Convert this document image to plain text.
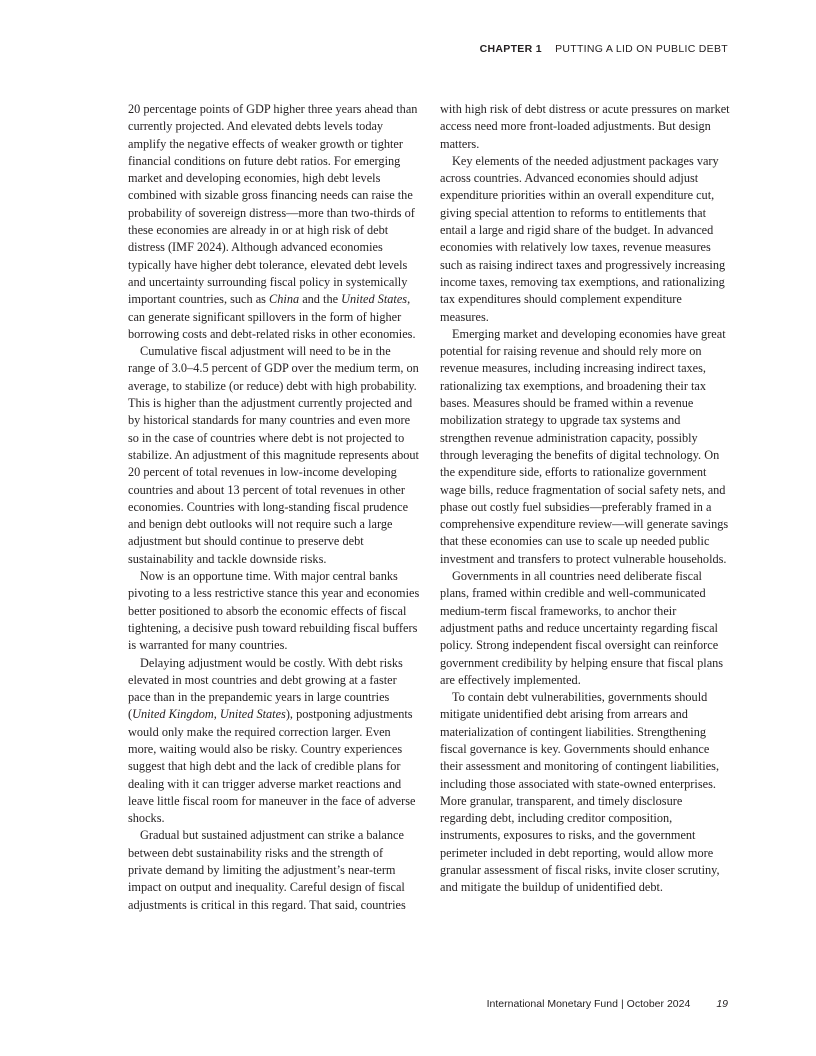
CHAPTER 1 PUTTING A LID ON PUBLIC DEBT

20 percentage points of GDP higher three years ahead than currently projected. And elevated debts levels today amplify the negative effects of weaker growth or tighter financial conditions on future debt ratios. For emerging market and developing economies, high debt levels combined with sizable gross financing needs can raise the probability of sovereign distress—more than two-thirds of these economies are already in or at high risk of debt distress (IMF 2024). Although advanced economies typically have higher debt tolerance, elevated debt levels and uncertainty surrounding fiscal policy in systemically important countries, such as China and the United States, can generate significant spillovers in the form of higher borrowing costs and debt-related risks in other economies.

Cumulative fiscal adjustment will need to be in the range of 3.0–4.5 percent of GDP over the medium term, on average, to stabilize (or reduce) debt with high probability. This is higher than the adjustment currently projected and by historical standards for many countries and even more so in the case of countries where debt is not projected to stabilize. An adjustment of this magnitude represents about 20 percent of total revenues in low-income developing countries and about 13 percent of total revenues in other economies. Countries with long-standing fiscal prudence and benign debt outlooks will not require such a large adjustment but should continue to preserve debt sustainability and tackle downside risks.

Now is an opportune time. With major central banks pivoting to a less restrictive stance this year and economies better positioned to absorb the economic effects of fiscal tightening, a decisive push toward rebuilding fiscal buffers is warranted for many countries.

Delaying adjustment would be costly. With debt risks elevated in most countries and debt growing at a faster pace than in the prepandemic years in large countries (United Kingdom, United States), postponing adjustments would only make the required correction larger. Even more, waiting would also be risky. Country experiences suggest that high debt and the lack of credible plans for dealing with it can trigger adverse market reactions and leave little fiscal room for maneuver in the face of adverse shocks.

Gradual but sustained adjustment can strike a balance between debt sustainability risks and the strength of private demand by limiting the adjustment’s near-term impact on output and inequality. Careful design of fiscal adjustments is critical in this regard. That said, countries

with high risk of debt distress or acute pressures on market access need more front-loaded adjustments. But design matters.

Key elements of the needed adjustment packages vary across countries. Advanced economies should adjust expenditure priorities within an overall expenditure cut, giving special attention to reforms to entitlements that entail a large and rigid share of the budget. In advanced economies with relatively low taxes, revenue measures such as raising indirect taxes and progressively increasing income taxes, removing tax exemptions, and rationalizing tax expenditures should complement expenditure measures.

Emerging market and developing economies have great potential for raising revenue and should rely more on revenue measures, including increasing indirect taxes, rationalizing tax exemptions, and broadening their tax bases. Measures should be framed within a revenue mobilization strategy to upgrade tax systems and strengthen revenue administration capacity, possibly through leveraging the benefits of digital technology. On the expenditure side, efforts to rationalize government wage bills, reduce fragmentation of social safety nets, and phase out costly fuel subsidies—preferably framed in a comprehensive expenditure review—will generate savings that these economies can use to scale up needed public investment and transfers to protect vulnerable households.

Governments in all countries need deliberate fiscal plans, framed within credible and well-communicated medium-term fiscal frameworks, to anchor their adjustment paths and reduce uncertainty regarding fiscal policy. Strong independent fiscal oversight can reinforce government credibility by helping ensure that fiscal plans are effectively implemented.

To contain debt vulnerabilities, governments should mitigate unidentified debt arising from arrears and materialization of contingent liabilities. Strengthening fiscal governance is key. Governments should enhance their assessment and monitoring of contingent liabilities, including those associated with state-owned enterprises. More granular, transparent, and timely disclosure regarding debt, including creditor composition, instruments, exposures to risks, and the government perimeter included in debt reporting, would allow more granular assessment of fiscal risks, invite closer scrutiny, and mitigate the buildup of unidentified debt.

International Monetary Fund | October 2024 19
